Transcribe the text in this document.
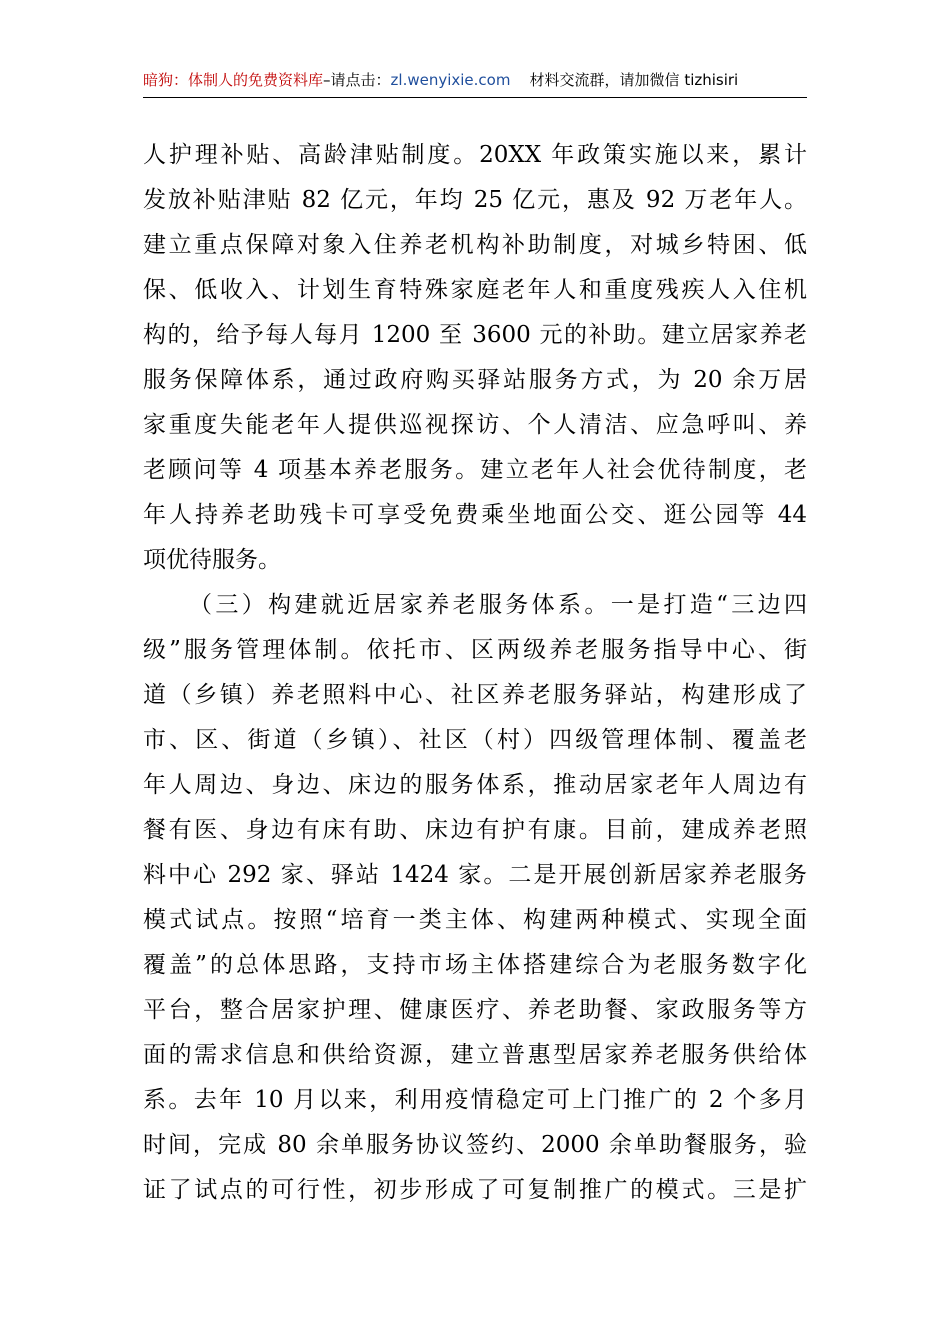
暗狗：体制人的免费资料库–请点击：zl.wenyixie.com 材料交流群，请加微信 tizhisiri
人护理补贴、高龄津贴制度。20XX 年政策实施以来，累计
发放补贴津贴 82 亿元，年均 25 亿元，惠及 92 万老年人。
建立重点保障对象入住养老机构补助制度，对城乡特困、低
保、低收入、计划生育特殊家庭老年人和重度残疾人入住机
构的，给予每人每月 1200 至 3600 元的补助。建立居家养老
服务保障体系，通过政府购买驿站服务方式，为 20 余万居
家重度失能老年人提供巡视探访、个人清洁、应急呼叫、养
老顾问等 4 项基本养老服务。建立老年人社会优待制度，老
年人持养老助残卡可享受免费乘坐地面公交、逛公园等 44
项优待服务。
（三）构建就近居家养老服务体系。一是打造“三边四
级”服务管理体制。依托市、区两级养老服务指导中心、街
道（乡镇）养老照料中心、社区养老服务驿站，构建形成了
市、区、街道（乡镇）、社区（村）四级管理体制、覆盖老
年人周边、身边、床边的服务体系，推动居家老年人周边有
餐有医、身边有床有助、床边有护有康。目前，建成养老照
料中心 292 家、驿站 1424 家。二是开展创新居家养老服务
模式试点。按照“培育一类主体、构建两种模式、实现全面
覆盖”的总体思路，支持市场主体搭建综合为老服务数字化
平台，整合居家护理、健康医疗、养老助餐、家政服务等方
面的需求信息和供给资源，建立普惠型居家养老服务供给体
系。去年 10 月以来，利用疫情稳定可上门推广的 2 个多月
时间，完成 80 余单服务协议签约、2000 余单助餐服务，验
证了试点的可行性，初步形成了可复制推广的模式。三是扩
